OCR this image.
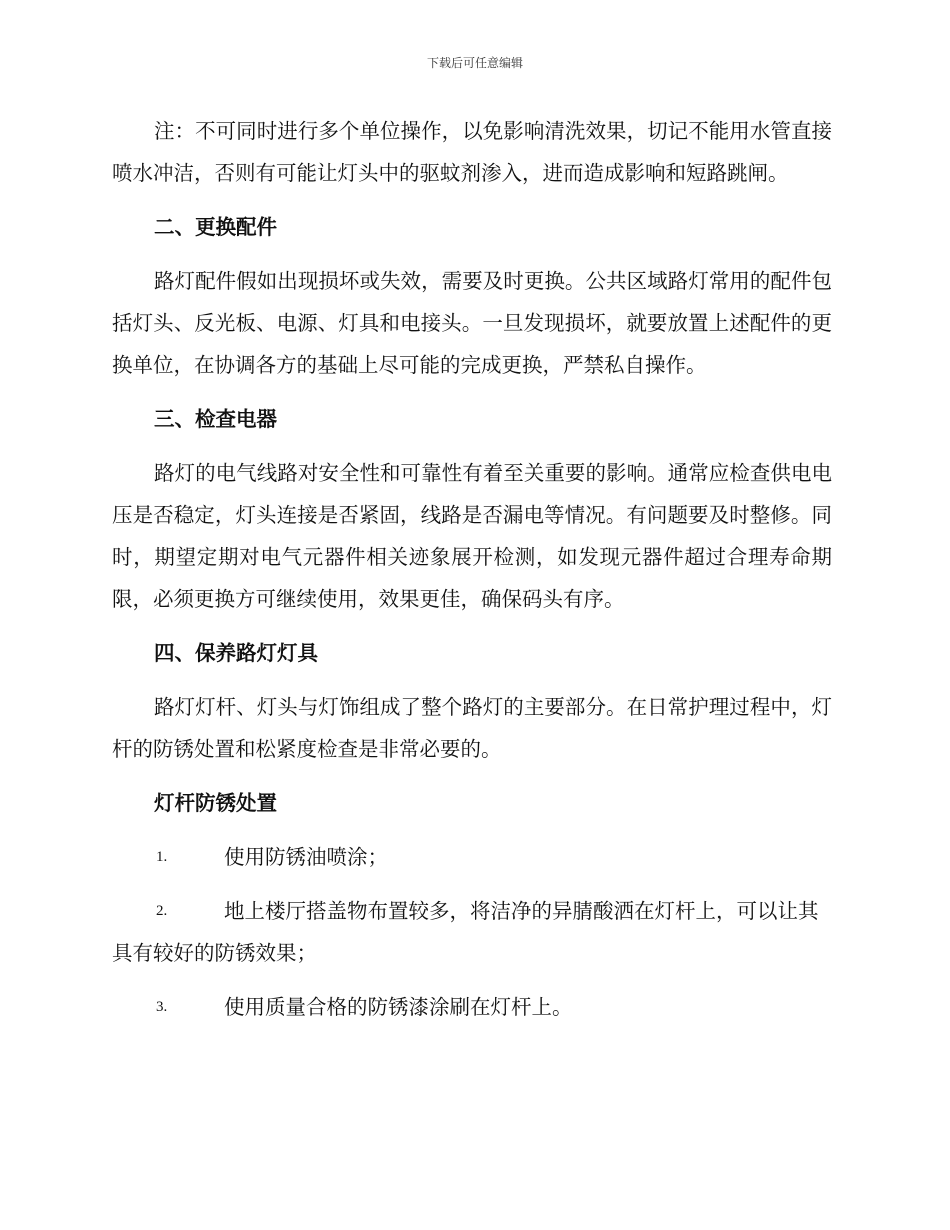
下载后可任意编辑

注：不可同时进行多个单位操作，以免影响清洗效果，切记不能用水管直接喷水冲洁，否则有可能让灯头中的驱蚊剂渗入，进而造成影响和短路跳闸。

二、更换配件

路灯配件假如出现损坏或失效，需要及时更换。公共区域路灯常用的配件包括灯头、反光板、电源、灯具和电接头。一旦发现损坏，就要放置上述配件的更换单位，在协调各方的基础上尽可能的完成更换，严禁私自操作。

三、检查电器

路灯的电气线路对安全性和可靠性有着至关重要的影响。通常应检查供电电压是否稳定，灯头连接是否紧固，线路是否漏电等情况。有问题要及时整修。同时，期望定期对电气元器件相关迹象展开检测，如发现元器件超过合理寿命期限，必须更换方可继续使用，效果更佳，确保码头有序。

四、保养路灯灯具

路灯灯杆、灯头与灯饰组成了整个路灯的主要部分。在日常护理过程中，灯杆的防锈处置和松紧度检查是非常必要的。

灯杆防锈处置
1.	使用防锈油喷涂；
2.	地上楼厅搭盖物布置较多，将洁净的异腈酸洒在灯杆上，可以让其具有较好的防锈效果；
3.	使用质量合格的防锈漆涂刷在灯杆上。
